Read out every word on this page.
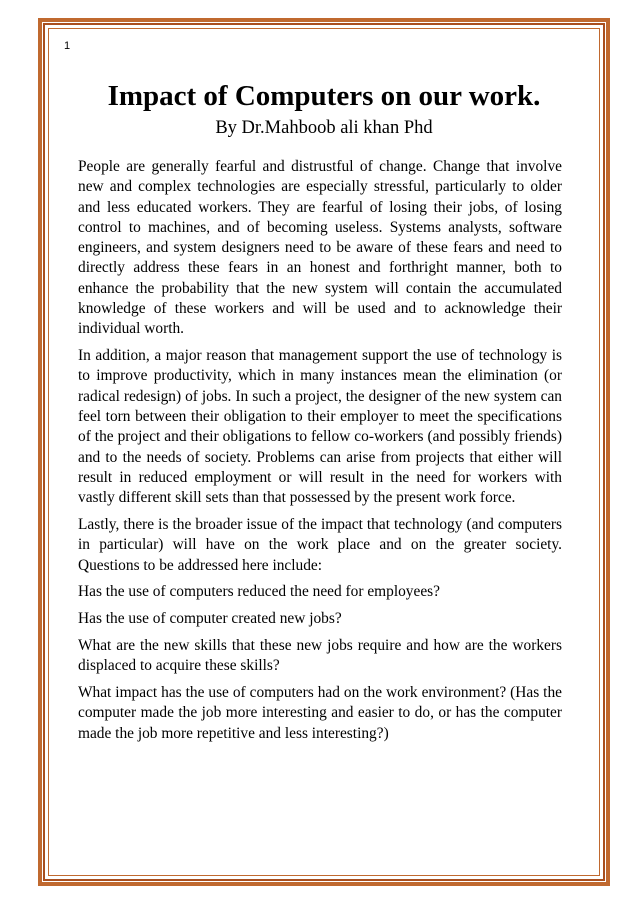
1
Impact of Computers on our work.
By Dr.Mahboob ali khan Phd

People are generally fearful and distrustful of change. Change that involve new and complex technologies are especially stressful, particularly to older and less educated workers. They are fearful of losing their jobs, of losing control to machines, and of becoming useless. Systems analysts, software engineers, and system designers need to be aware of these fears and need to directly address these fears in an honest and forthright manner, both to enhance the probability that the new system will contain the accumulated knowledge of these workers and will be used and to acknowledge their individual worth.

In addition, a major reason that management support the use of technology is to improve productivity, which in many instances mean the elimination (or radical redesign) of jobs. In such a project, the designer of the new system can feel torn between their obligation to their employer to meet the specifications of the project and their obligations to fellow co-workers (and possibly friends) and to the needs of society. Problems can arise from projects that either will result in reduced employment or will result in the need for workers with vastly different skill sets than that possessed by the present work force.

Lastly, there is the broader issue of the impact that technology (and computers in particular) will have on the work place and on the greater society. Questions to be addressed here include:

Has the use of computers reduced the need for employees?

Has the use of computer created new jobs?

What are the new skills that these new jobs require and how are the workers displaced to acquire these skills?

What impact has the use of computers had on the work environment? (Has the computer made the job more interesting and easier to do, or has the computer made the job more repetitive and less interesting?)
